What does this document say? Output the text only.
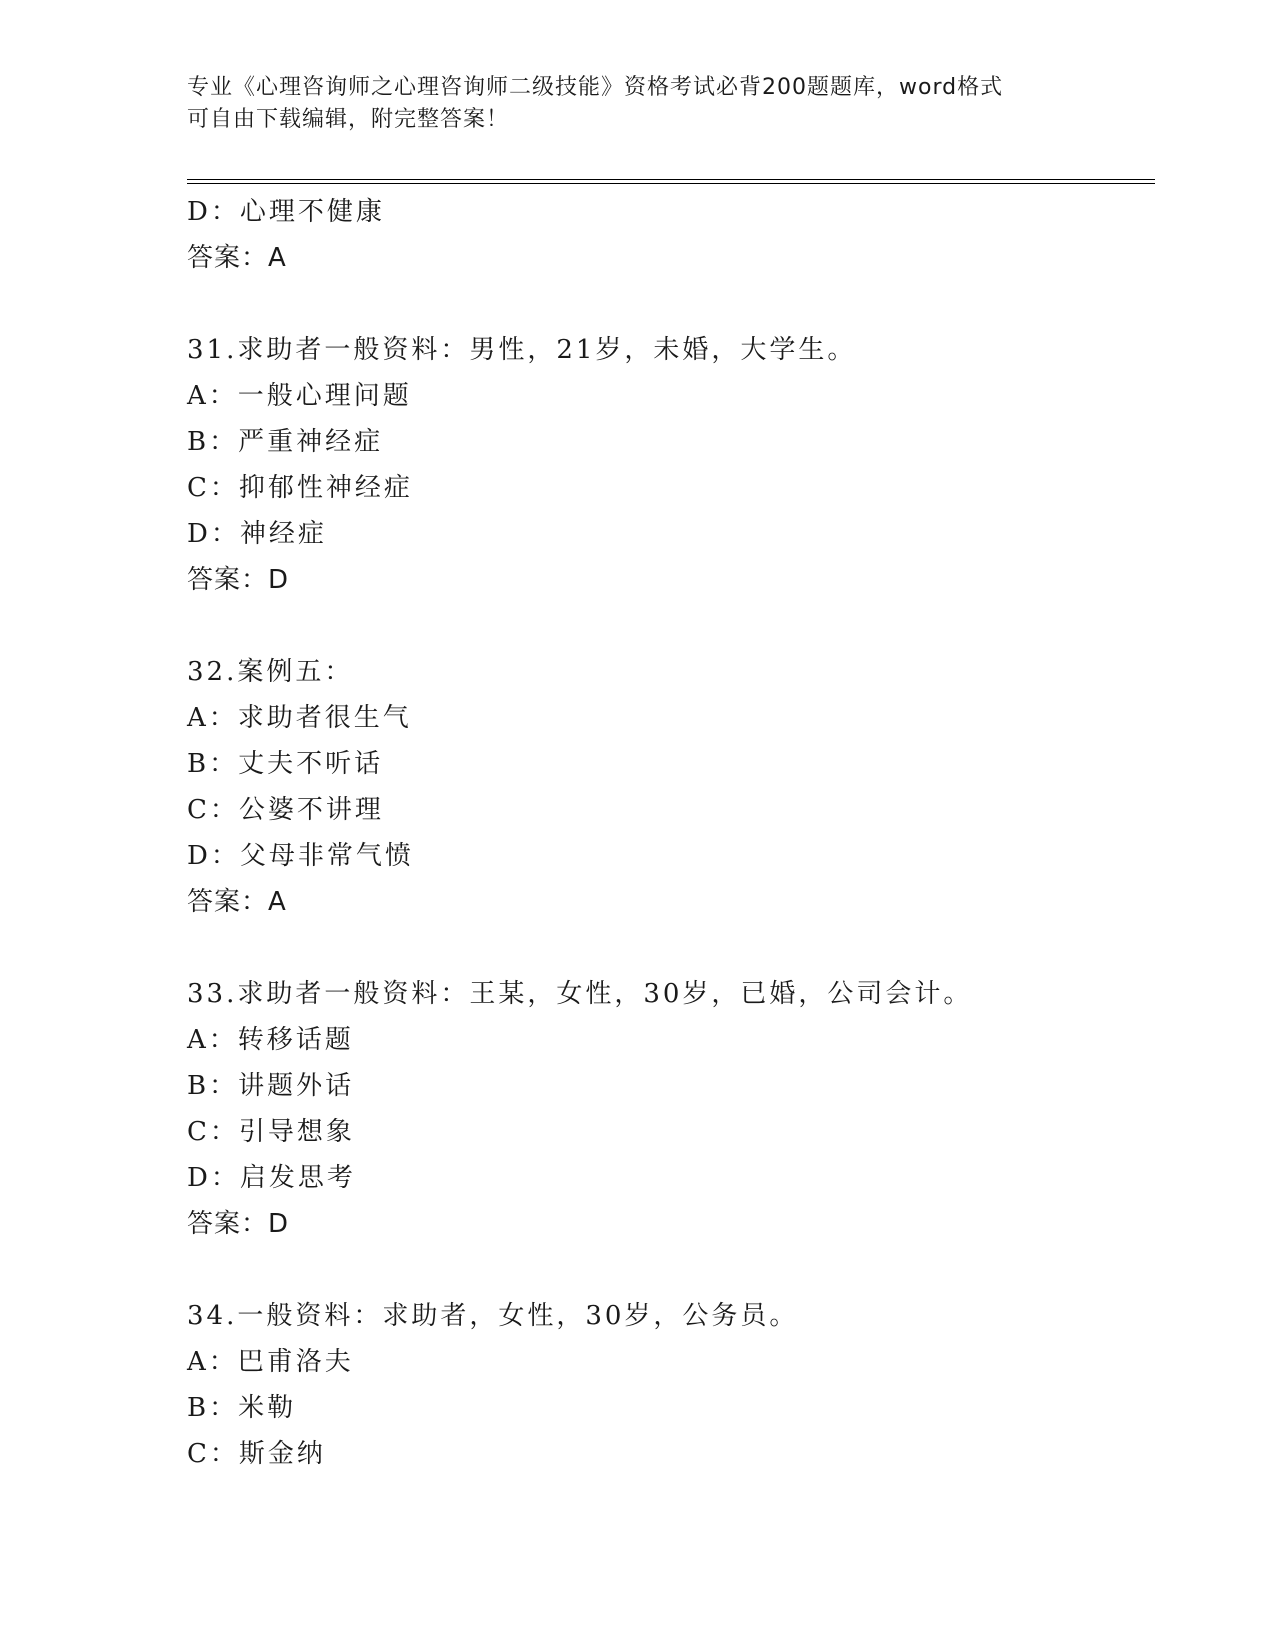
专业《心理咨询师之心理咨询师二级技能》资格考试必背200题题库，word格式
可自由下载编辑，附完整答案！
D：心理不健康
答案：A
31.求助者一般资料：男性，21岁，未婚，大学生。
A：一般心理问题
B：严重神经症
C：抑郁性神经症
D：神经症
答案：D
32.案例五：
A：求助者很生气
B：丈夫不听话
C：公婆不讲理
D：父母非常气愤
答案：A
33.求助者一般资料：王某，女性，30岁，已婚，公司会计。
A：转移话题
B：讲题外话
C：引导想象
D：启发思考
答案：D
34.一般资料：求助者，女性，30岁，公务员。
A：巴甫洛夫
B：米勒
C：斯金纳
